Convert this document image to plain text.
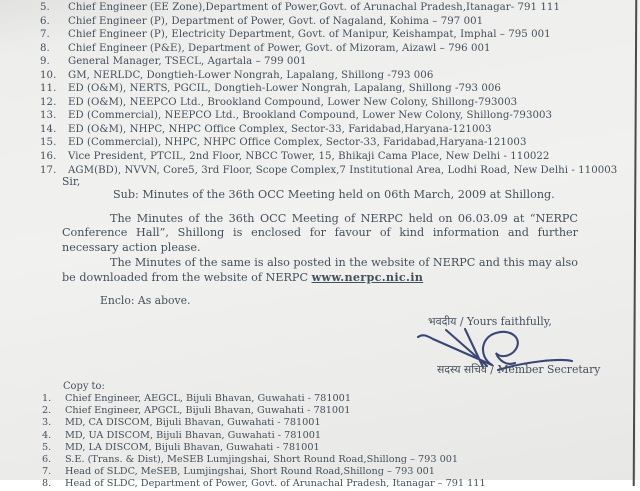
5.	Chief Engineer (EE Zone),Department of Power,Govt. of Arunachal Pradesh,Itanagar- 791 111
6.	Chief Engineer (P), Department of Power, Govt. of Nagaland, Kohima – 797 001
7.	Chief Engineer (P), Electricity Department, Govt. of Manipur, Keishampat, Imphal – 795 001
8.	Chief Engineer (P&E), Department of Power, Govt. of Mizoram, Aizawl – 796 001
9.	General Manager, TSECL, Agartala – 799 001
10.	GM, NERLDC, Dongtieh-Lower Nongrah, Lapalang, Shillong -793 006
11.	ED (O&M), NERTS, PGCIL, Dongtieh-Lower Nongrah, Lapalang, Shillong -793 006
12.	ED (O&M), NEEPCO Ltd., Brookland Compound, Lower New Colony, Shillong-793003
13.	ED (Commercial), NEEPCO Ltd., Brookland Compound, Lower New Colony, Shillong-793003
14.	ED (O&M), NHPC, NHPC Office Complex, Sector-33, Faridabad,Haryana-121003
15.	ED (Commercial), NHPC, NHPC Office Complex, Sector-33, Faridabad,Haryana-121003
16.	Vice President, PTCIL, 2nd Floor, NBCC Tower, 15, Bhikaji Cama Place, New Delhi - 110022
17.	AGM(BD), NVVN, Core5, 3rd Floor, Scope Complex,7 Institutional Area, Lodhi Road, New Delhi - 110003
Sir,
Sub: Minutes of the 36th OCC Meeting held on 06th March, 2009 at Shillong.

The Minutes of the 36th OCC Meeting of NERPC held on 06.03.09 at “NERPC Conference Hall”, Shillong is enclosed for favour of kind information and further necessary action please.

The Minutes of the same is also posted in the website of NERPC and this may also be downloaded from the website of NERPC www.nerpc.nic.in

Enclo: As above.
भवदीय / Yours faithfully,
सदस्य सचिव / Member Secretary
Copy to:
1.	Chief Engineer, AEGCL, Bijuli Bhavan, Guwahati - 781001
2.	Chief Engineer, APGCL, Bijuli Bhavan, Guwahati - 781001
3.	MD, CA DISCOM, Bijuli Bhavan, Guwahati - 781001
4.	MD, UA DISCOM, Bijuli Bhavan, Guwahati - 781001
5.	MD, LA DISCOM, Bijuli Bhavan, Guwahati - 781001
6.	S.E. (Trans. & Dist), MeSEB Lumjingshai, Short Round Road,Shillong – 793 001
7.	Head of SLDC, MeSEB, Lumjingshai, Short Round Road,Shillong – 793 001
8.	Head of SLDC, Department of Power, Govt. of Arunachal Pradesh, Itanagar – 791 111
